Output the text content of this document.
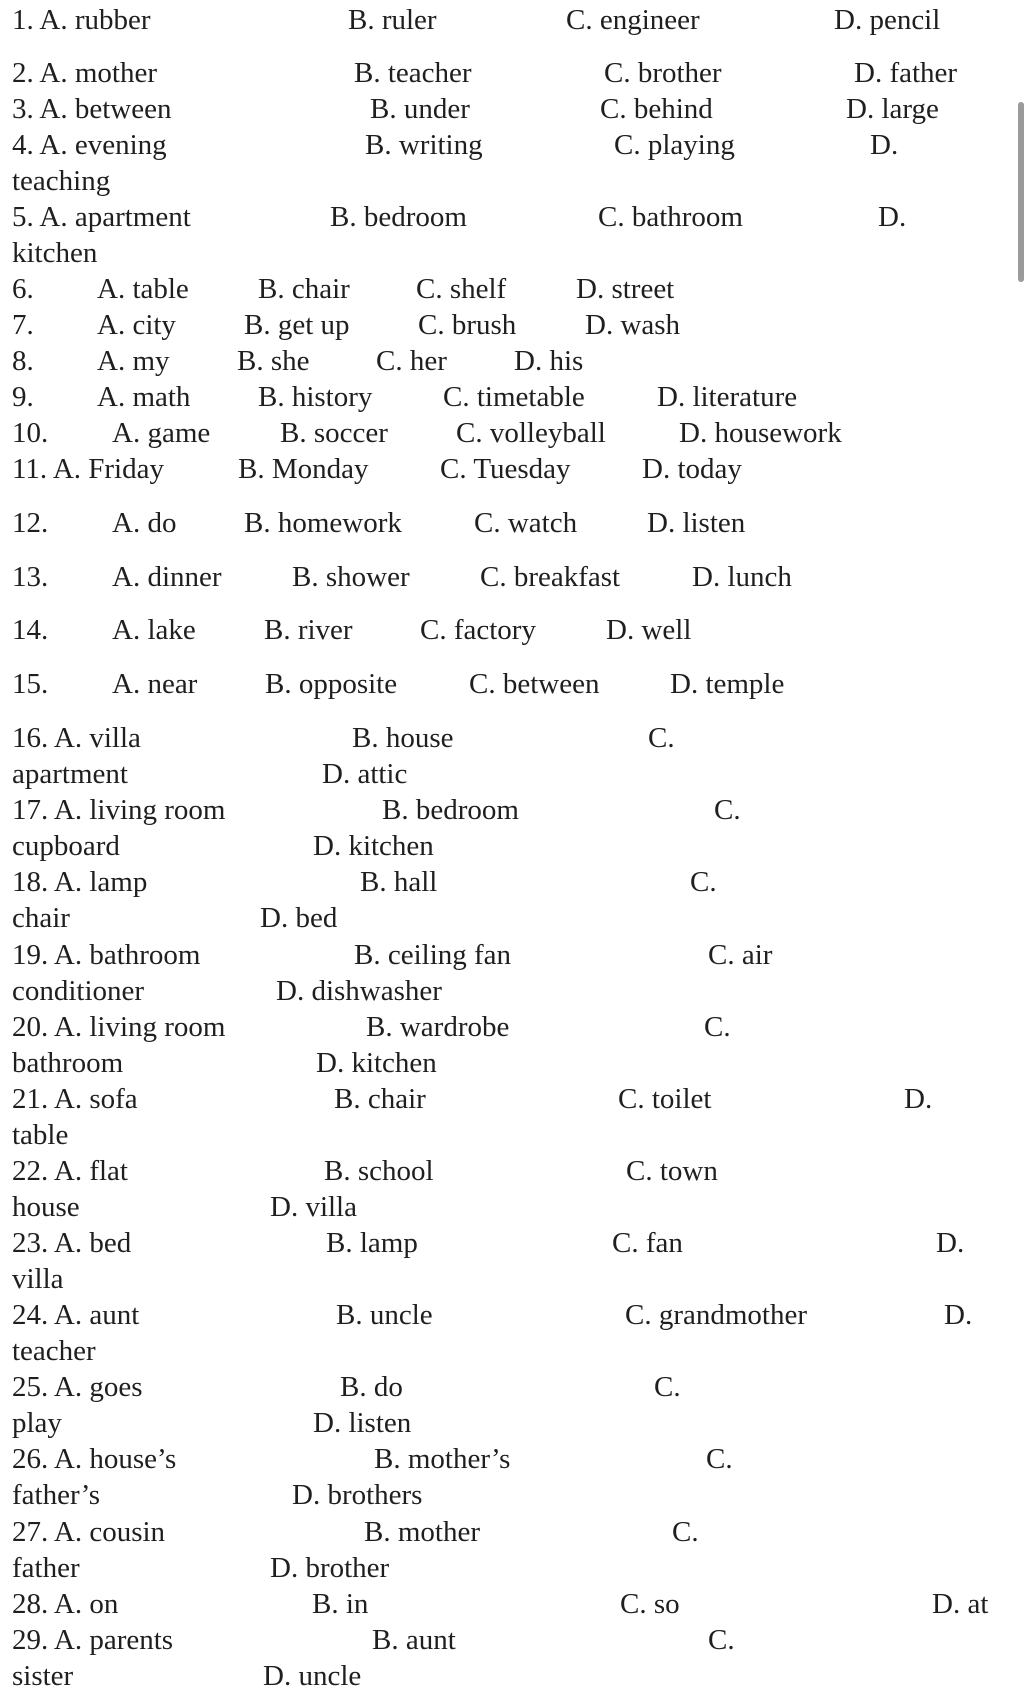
1. A. rubber	B. ruler	C. engineer	D. pencil
2. A. mother	B. teacher	C. brother	D. father
3. A. between	B. under	C. behind	D. large
4. A. evening	B. writing	C. playing	D.
teaching
5. A. apartment	B. bedroom	C. bathroom	D.
kitchen
6. A. table B. chair C. shelf D. street
7. A. city B. get up C. brush D. wash
8. A. my B. she C. her D. his
9. A. math B. history C. timetable D. literature
10. A. game B. soccer C. volleyball	D. housework
11. A. Friday	B. Monday C. Tuesday D. today
12. A. do B. homework C. watch D. listen
13. A. dinner B. shower C. breakfast D. lunch
14. A. lake B. river C. factory D. well
15. A. near B. opposite C. between D. temple
16. A. villa	B. house	C.
apartment	D. attic
17. A. living room	B. bedroom	C.
cupboard	D. kitchen
18. A. lamp	B. hall	C.
chair	D. bed
19. A. bathroom	B. ceiling fan	C. air
conditioner	D. dishwasher
20. A. living room	B. wardrobe	C.
bathroom	D. kitchen
21. A. sofa	B. chair	C. toilet	D.
table
22. A. flat	B. school	C. town
house	D. villa
23. A. bed	B. lamp	C. fan	D.
villa
24. A. aunt	B. uncle	C. grandmother	D.
teacher
25. A. goes	B. do	C.
play	D. listen
26. A. house’s	B. mother’s	C.
father’s	D. brothers
27. A. cousin	B. mother	C.
father	D. brother
28. A. on	B. in	C. so	D. at
29. A. parents	B. aunt	C.
sister	D. uncle
